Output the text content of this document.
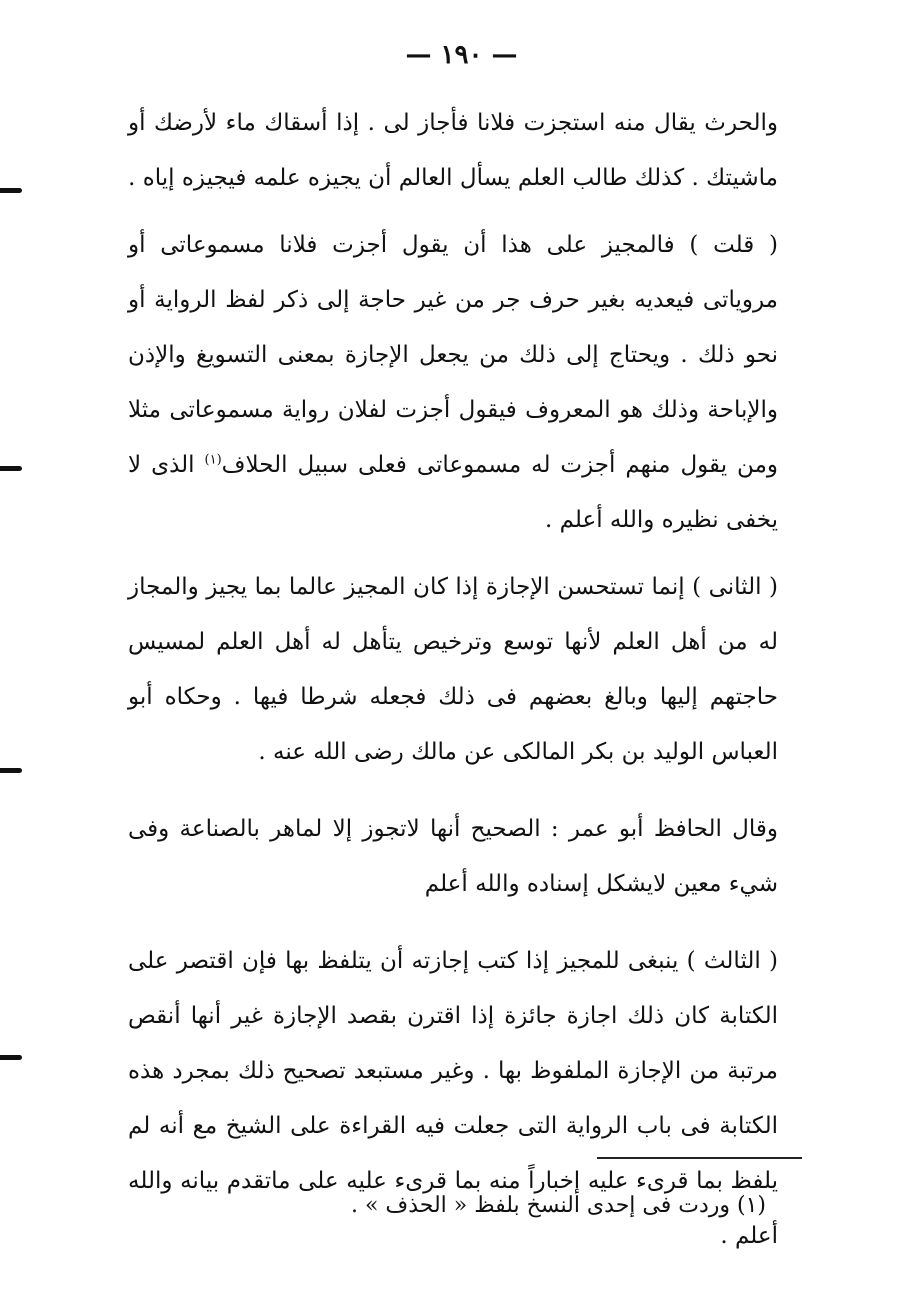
— ١٩٠ —

والحرث يقال منه استجزت فلانا فأجاز لى . إذا أسقاك ماء لأرضك أو ماشيتك . كذلك طالب العلم يسأل العالم أن يجيزه علمه فيجيزه إياه .

( قلت ) فالمجيز على هذا أن يقول أجزت فلانا مسموعاتى أو مروياتى فيعديه بغير حرف جر من غير حاجة إلى ذكر لفظ الرواية أو نحو ذلك . ويحتاج إلى ذلك من يجعل الإجازة بمعنى التسويغ والإذن والإباحة وذلك هو المعروف فيقول أجزت لفلان رواية مسموعاتى مثلا ومن يقول منهم أجزت له مسموعاتى فعلى سبيل الحلاف$^{(١)}$ الذى لا يخفى نظيره والله أعلم .

( الثانى ) إنما تستحسن الإجازة إذا كان المجيز عالما بما يجيز والمجاز له من أهل العلم لأنها توسع وترخيص يتأهل له أهل العلم لمسيس حاجتهم إليها وبالغ بعضهم فى ذلك فجعله شرطا فيها . وحكاه أبو العباس الوليد بن بكر المالكى عن مالك رضى الله عنه .

وقال الحافظ أبو عمر : الصحيح أنها لاتجوز إلا لماهر بالصناعة وفى شيء معين لايشكل إسناده والله أعلم

( الثالث ) ينبغى للمجيز إذا كتب إجازته أن يتلفظ بها فإن اقتصر على الكتابة كان ذلك اجازة جائزة إذا اقترن بقصد الإجازة غير أنها أنقص مرتبة من الإجازة الملفوظ بها . وغير مستبعد تصحيح ذلك بمجرد هذه الكتابة فى باب الرواية التى جعلت فيه القراءة على الشيخ مع أنه لم يلفظ بما قرىء عليه إخباراً منه بما قرىء عليه على ماتقدم بيانه والله أعلم .

(١) وردت فى إحدى النسخ بلفظ « الحذف » .
